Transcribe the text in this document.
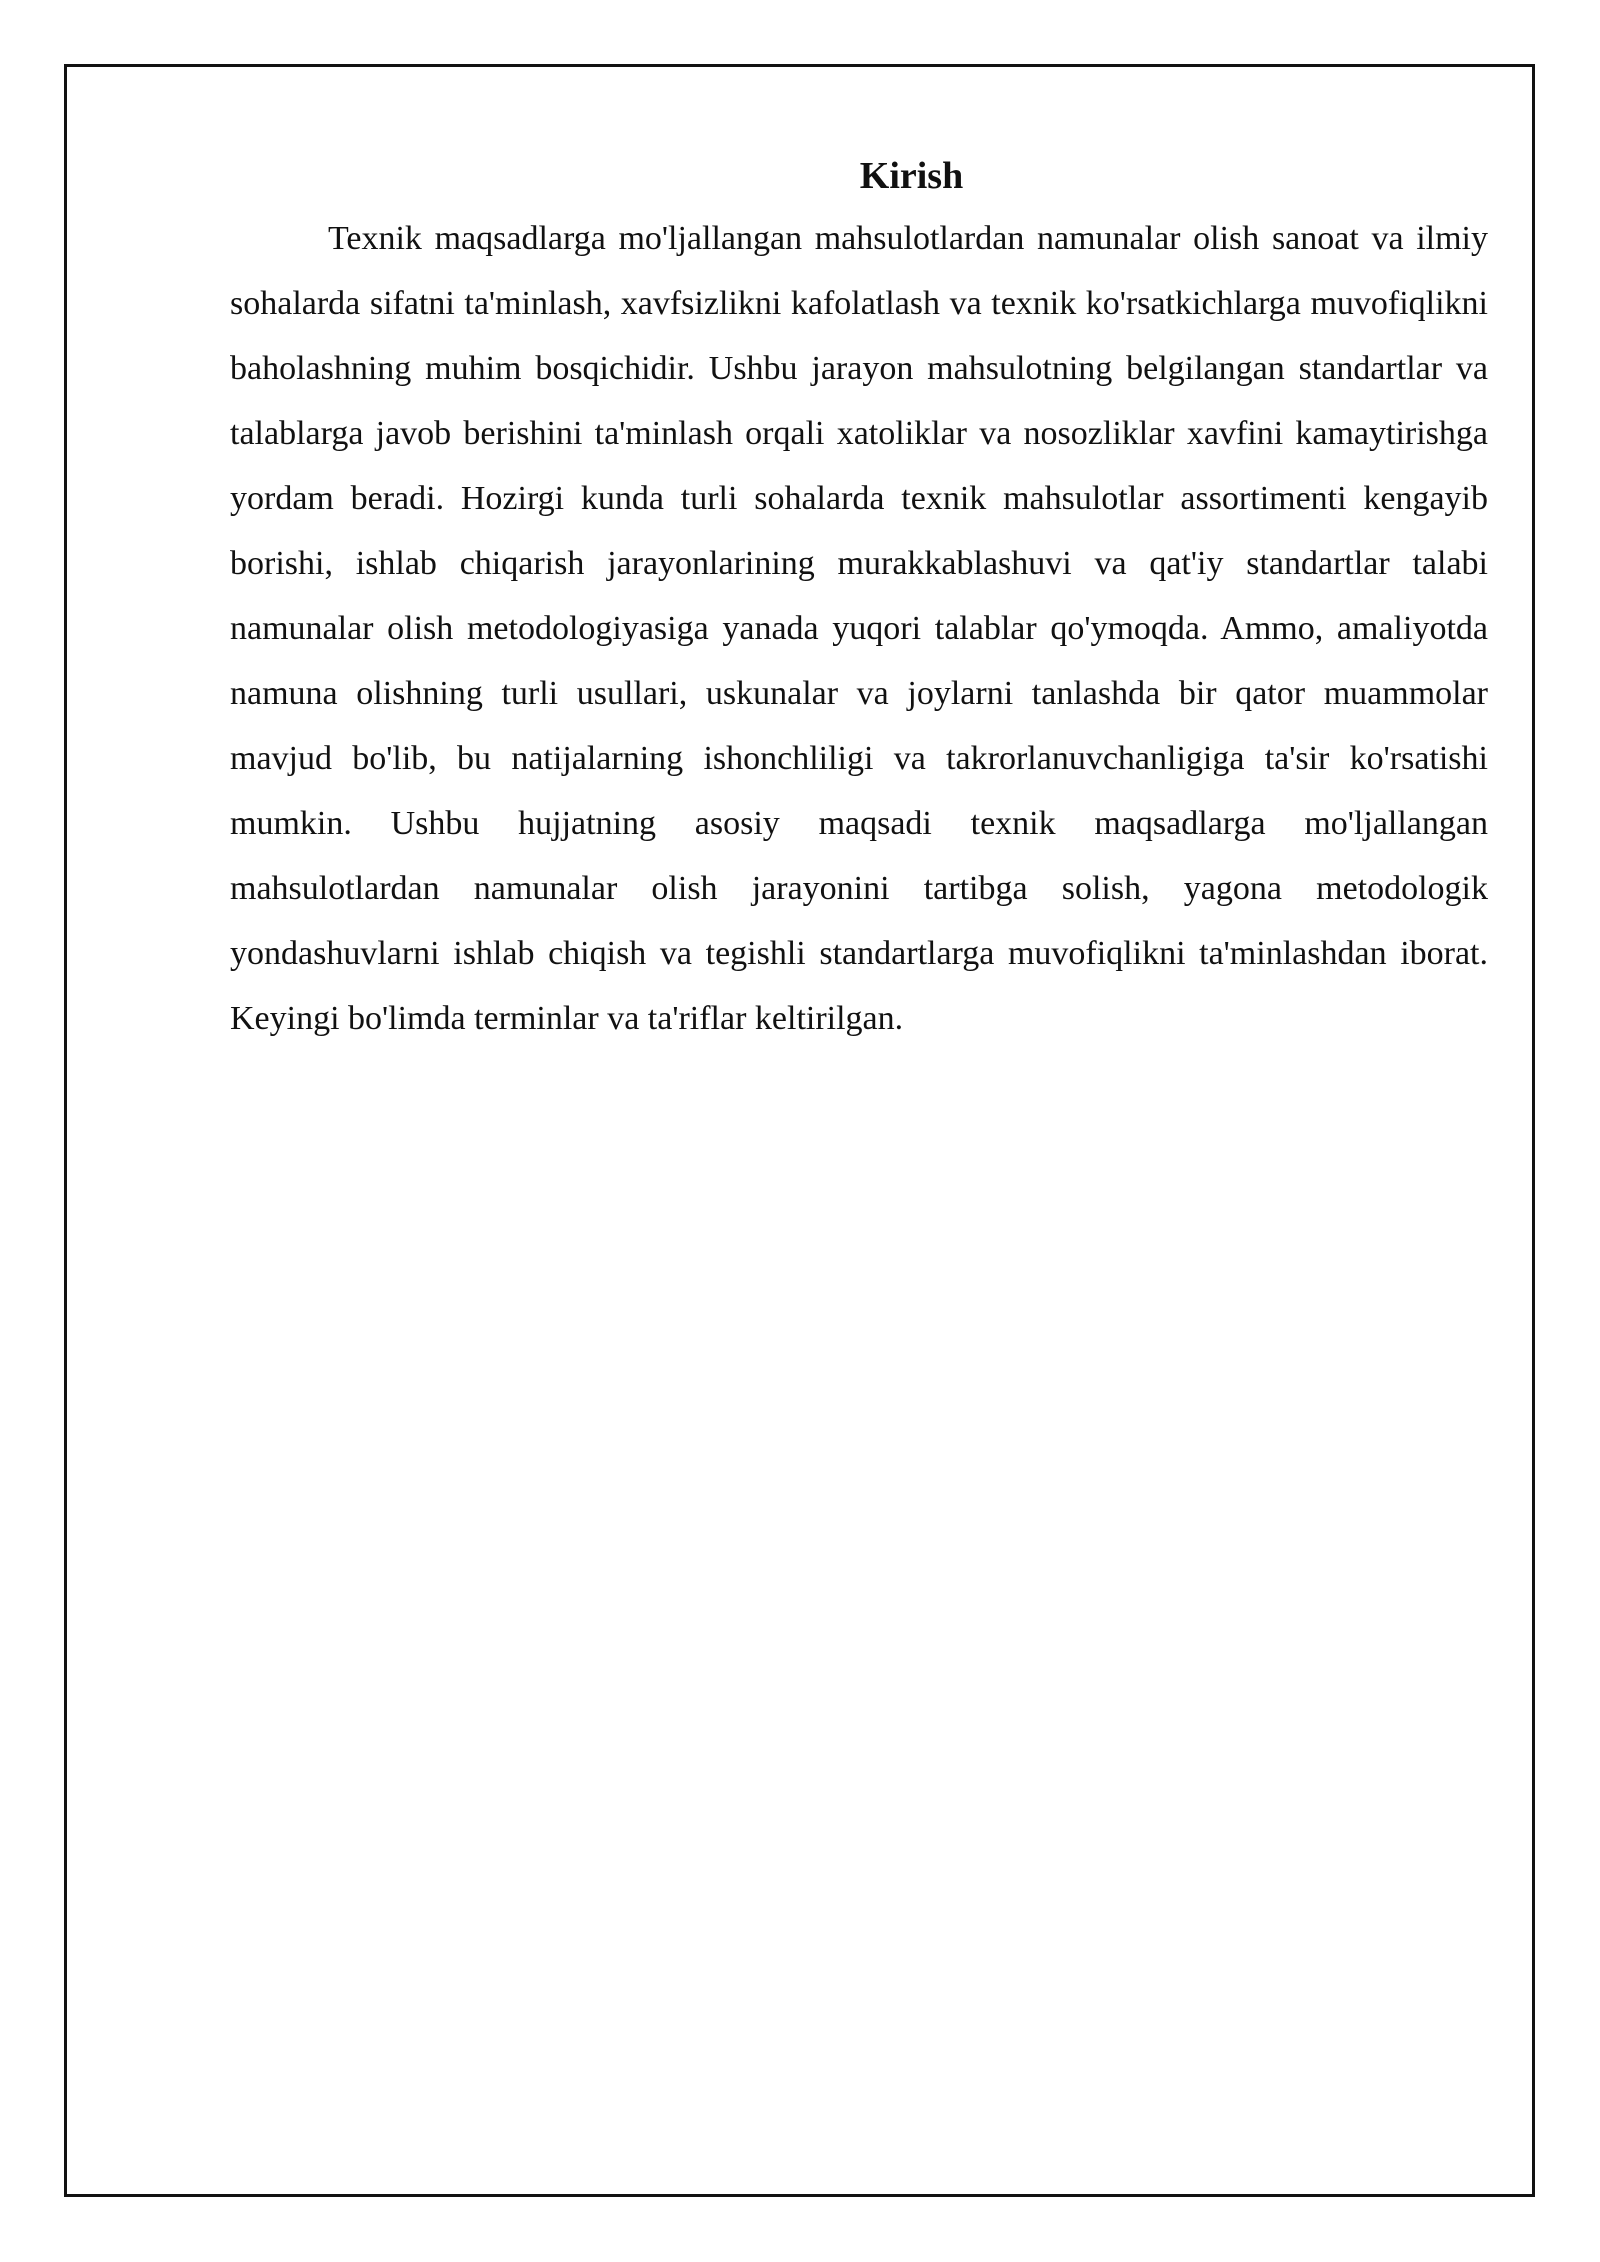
Kirish

Texnik maqsadlarga mo'ljallangan mahsulotlardan namunalar olish sanoat va ilmiy sohalarda sifatni ta'minlash, xavfsizlikni kafolatlash va texnik ko'rsatkichlarga muvofiqlikni baholashning muhim bosqichidir. Ushbu jarayon mahsulotning belgilangan standartlar va talablarga javob berishini ta'minlash orqali xatoliklar va nosozliklar xavfini kamaytirishga yordam beradi. Hozirgi kunda turli sohalarda texnik mahsulotlar assortimenti kengayib borishi, ishlab chiqarish jarayonlarining murakkablashuvi va qat'iy standartlar talabi namunalar olish metodologiyasiga yanada yuqori talablar qo'ymoqda. Ammo, amaliyotda namuna olishning turli usullari, uskunalar va joylarni tanlashda bir qator muammolar mavjud bo'lib, bu natijalarning ishonchliligi va takrorlanuvchanligiga ta'sir ko'rsatishi mumkin. Ushbu hujjatning asosiy maqsadi texnik maqsadlarga mo'ljallangan mahsulotlardan namunalar olish jarayonini tartibga solish, yagona metodologik yondashuvlarni ishlab chiqish va tegishli standartlarga muvofiqlikni ta'minlashdan iborat. Keyingi bo'limda terminlar va ta'riflar keltirilgan.
